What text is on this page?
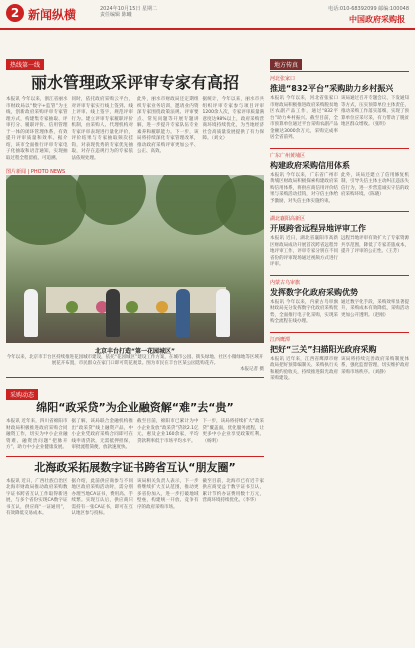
2 新闻纵横	2024年10月15日 星期二
责任编辑 陈曦
电话:010-68392099 邮编:100048
中国政府采购报
热线第一线
丽水管理政采评审专家有高招
本报讯 今年以来，浙江省丽水市财政局以“数字+监管”为主线，创新政府采购评审专家管理方式，构建集专家抽取、评审打分、履职评价、信用管理于一体的闭环管理体系，有效提升评审质量和效率。据介绍，该市全面推行评审专家电子化抽取和语音通知，实现抽取过程全程留痕、可追溯。
同时，依托政府采购云平台，对评审专家实行线上签到、线上评审、线上签字，规范评审行为。建立评审专家履职评价机制，由采购人、代理机构对专家评审表现进行量化评价，评价结果与专家抽取频次挂钩，对表现优秀的专家优先抽取，对存在违规行为的专家依法依规处理。
此外，丽水市财政局还定期组织专家业务培训，邀请业内资深专家围绕政策法规、评审要点、常见问题等开展专题讲解，进一步提升专家队伍专业素养和履职能力。下一步，该局将持续深化专家管理改革，推动政府采购评审更加公平、公正、高效。
据统计，今年以来，丽水市共组织评审专家参与项目评审1200余人次，专家评审质量满意度达98%以上，政府采购营商环境持续优化，为当地经济社会高质量发展提供了有力保障。（刘文）
图片新闻 | PHOTO NEWS
北京丰台打造“第一花园城区”
今年以来，北京市丰台区持续推进花园城市建设，依托“花园城区”建设工作方案，在城市公园、街头绿地、社区小微绿地等区域开展花卉布置，市民群众在家门口即可赏花观景。图为市民在丰台区某公园选购花卉。
本报记者 摄
采购动态
绵阳“政采贷”为企业融资解“难”去“贵”
本报讯 近年来，四川省绵阳市财政局积极推进政府采购合同融资工作，切实为中小企业融资难、融资贵问题“把脉开方”，助力中小企业健康发展。
据了解，该局联合金融机构推出“政采贷”线上融资产品，中小企业凭政府采购合同即可在线申请贷款，无需抵押担保，审批流程简便，放款速度快。
截至目前，绵阳市已累计为中小企业发放“政采贷”贷款2.1亿元，惠及企业160余家，平均贷款利率低于市场平均水平。
下一步，该局将持续扩大“政采贷”覆盖面，优化服务流程，让更多中小企业享受政策红利。（杨明）
北海政采拓展数字证书跨省互认“朋友圈”
本报讯 近日，广西壮族自治区北海市财政局推动政府采购数字证书跨省互认工作取得新进展，与多个省份实现CA数字证书互认，供应商“一证通用”，有效降低交易成本。
据介绍，此前供应商参与不同地区政府采购活动时，需分别办理当地CA证书，费用高、手续繁。实现互认后，供应商只需持有一张CA证书，即可在互认地区参与投标。
该局相关负责人表示，下一步将继续扩大互认范围，推动更多省份加入，进一步打破地域壁垒，构建统一开放、竞争有序的政府采购市场。
截至目前，北海市已有近千家供应商受益于数字证书互认，累计节约办证费用数十万元，营商环境持续优化。（李华）
地方传真
河北张家口
推进“832平台”采购助力乡村振兴
本报讯 今年以来，河北省张家口市财政局积极推进政府采购脱贫地区农副产品工作，通过“832平台”助力乡村振兴。截至目前，全市预算单位通过平台采购农副产品金额达3000余万元，采购完成率居全省前列。
该局通过召开专题会议、下发通知等方式，压实预算单位主体责任，推动采购工作落实落细，实现了预算单位应采尽采，有力带动了脱贫地区群众增收。（张明）
广东广州黄埔区
构建政府采购信用体系
本报讯 今年以来，广东省广州市黄埔区财政局积极探索构建政府采购信用体系，将供应商信用评价结果与采购活动挂钩，对守信主体给予激励，对失信主体实施约束。
此外，该局还建立了信用修复机制，引导失信主体主动纠正违法失信行为，进一步营造诚实守信的政府采购环境。（陈晓）
湖北襄阳高新区
开展跨省远程异地评审工作
本报讯 近日，湖北省襄阳市高新区财政局成功开展首次跨省远程异地评审工作，评审专家分别在不同省份的评审现场通过视频方式进行评审。
远程异地评审有效扩大了专家资源共享范围，降低了专家差旅成本，提升了评审的公正性。（王芳）
内蒙古乌审旗
发挥数字化政府采购优势
本报讯 今年以来，内蒙古乌审旗财政局充分发挥数字化政府采购优势，全面推行电子化采购，实现采购全流程在线办理。
通过数字化手段，采购效率显著提升，采购成本有效降低，采购活动更加公开透明。（赵刚）
江西鹰潭
把好“三关”扫描阳光政府采购
本报讯 近年来，江西省鹰潭市财政局把好预算编制关、采购执行关和履约验收关，持续推进阳光政府采购建设。
该局将持续完善政府采购制度体系，强化监督管理，切实维护政府采购市场秩序。（刘静）
